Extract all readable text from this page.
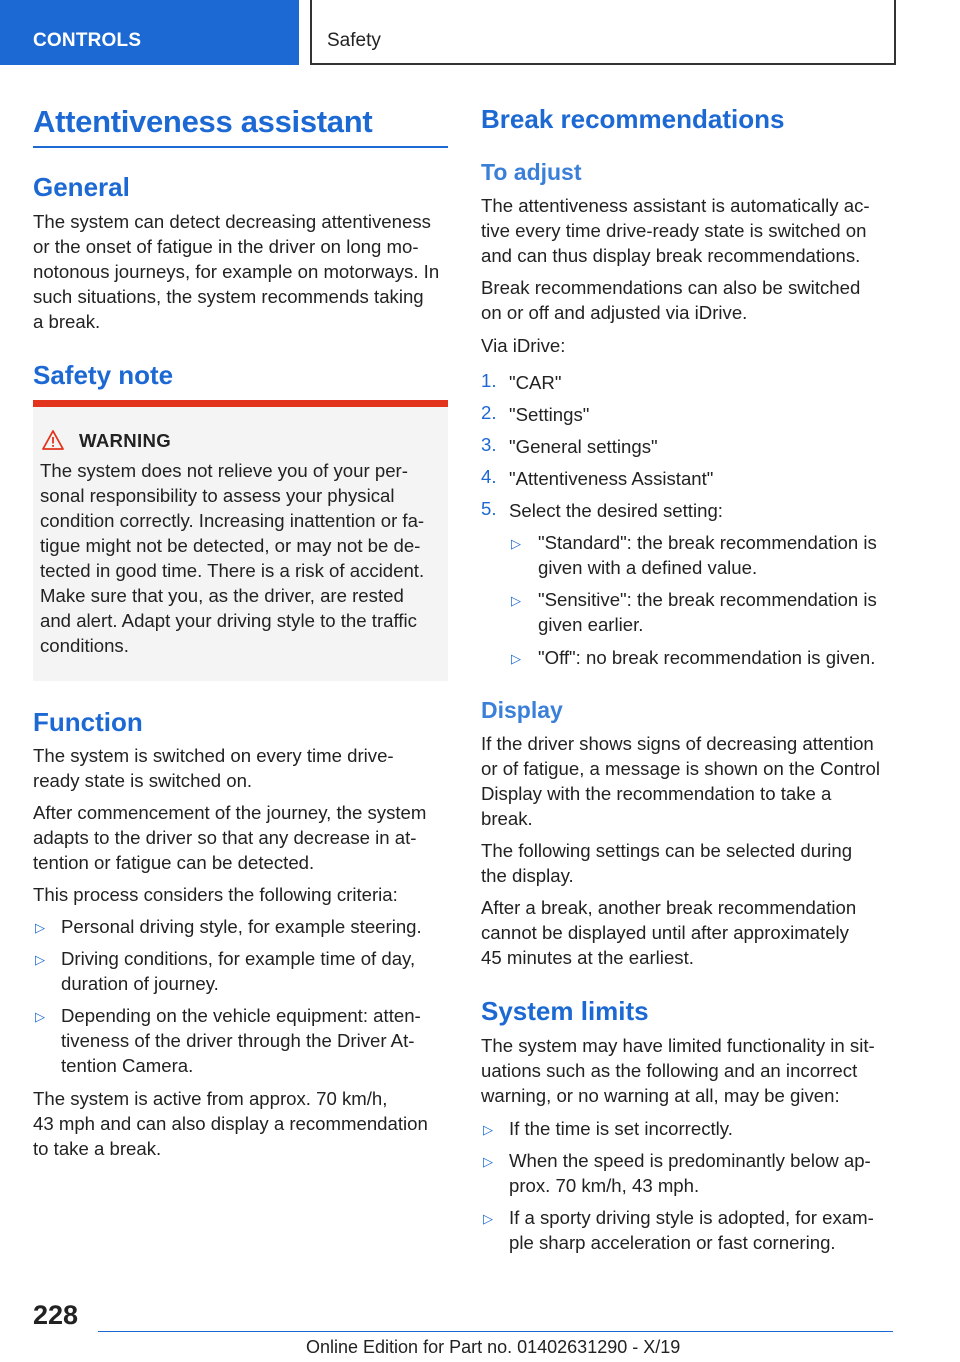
CONTROLS	Safety
Attentiveness assistant
General
The system can detect decreasing attentiveness
or the onset of fatigue in the driver on long mo-
notonous journeys, for example on motorways. In
such situations, the system recommends taking
a break.
Safety note
WARNING
The system does not relieve you of your per-
sonal responsibility to assess your physical
condition correctly. Increasing inattention or fa-
tigue might not be detected, or may not be de-
tected in good time. There is a risk of accident.
Make sure that you, as the driver, are rested
and alert. Adapt your driving style to the traffic
conditions.
Function
The system is switched on every time drive-
ready state is switched on.
After commencement of the journey, the system
adapts to the driver so that any decrease in at-
tention or fatigue can be detected.
This process considers the following criteria:
▷ Personal driving style, for example steering.
▷ Driving conditions, for example time of day,
duration of journey.
▷ Depending on the vehicle equipment: atten-
tiveness of the driver through the Driver At-
tention Camera.
The system is active from approx. 70 km/h,
43 mph and can also display a recommendation
to take a break.
Break recommendations
To adjust
The attentiveness assistant is automatically ac-
tive every time drive-ready state is switched on
and can thus display break recommendations.
Break recommendations can also be switched
on or off and adjusted via iDrive.
Via iDrive:
1. "CAR"
2. "Settings"
3. "General settings"
4. "Attentiveness Assistant"
5. Select the desired setting:
▷ "Standard": the break recommendation is
given with a defined value.
▷ "Sensitive": the break recommendation is
given earlier.
▷ "Off": no break recommendation is given.
Display
If the driver shows signs of decreasing attention
or of fatigue, a message is shown on the Control
Display with the recommendation to take a
break.
The following settings can be selected during
the display.
After a break, another break recommendation
cannot be displayed until after approximately
45 minutes at the earliest.
System limits
The system may have limited functionality in sit-
uations such as the following and an incorrect
warning, or no warning at all, may be given:
▷ If the time is set incorrectly.
▷ When the speed is predominantly below ap-
prox. 70 km/h, 43 mph.
▷ If a sporty driving style is adopted, for exam-
ple sharp acceleration or fast cornering.
228
Online Edition for Part no. 01402631290 - X/19
